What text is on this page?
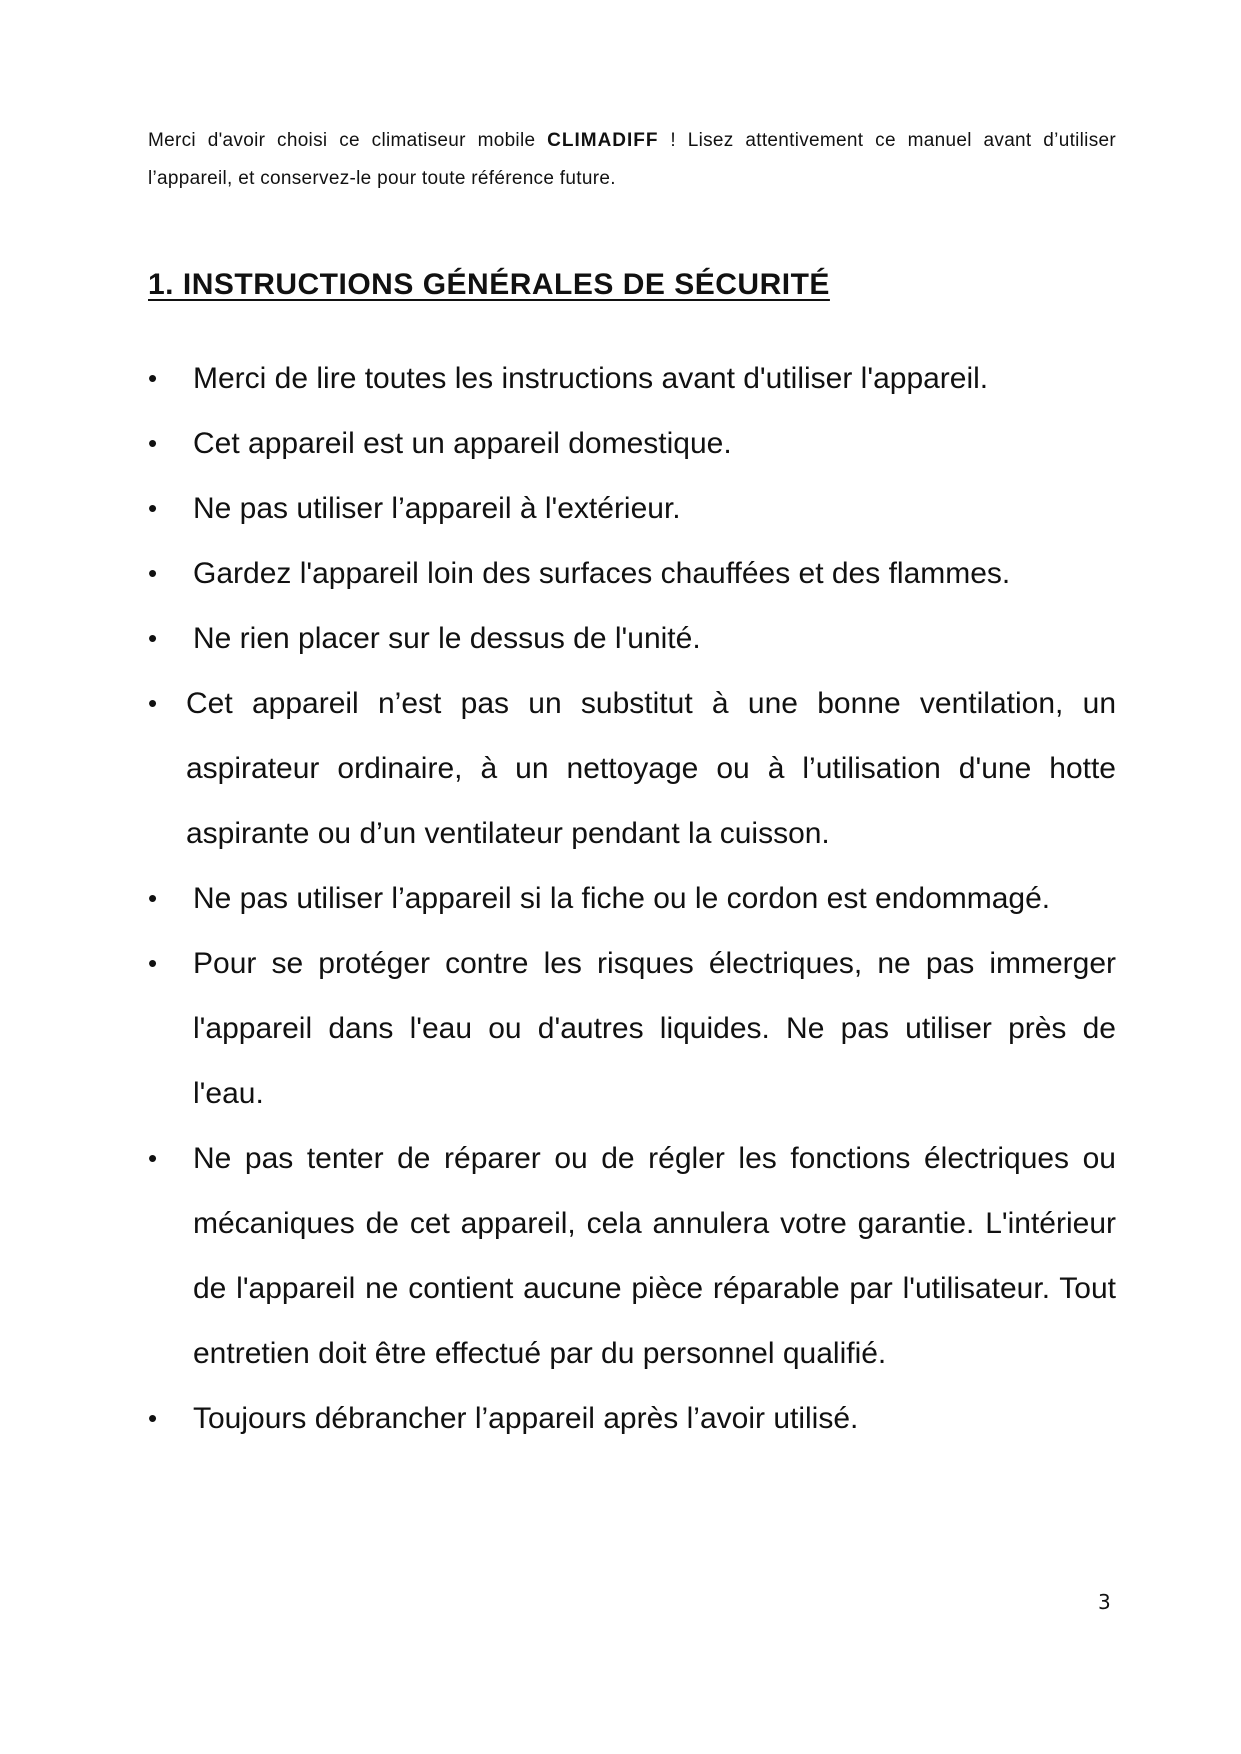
Merci d'avoir choisi ce climatiseur mobile CLIMADIFF ! Lisez attentivement ce manuel avant d’utiliser l’appareil, et conservez-le pour toute référence future.

1. INSTRUCTIONS GÉNÉRALES DE SÉCURITÉ
• Merci de lire toutes les instructions avant d'utiliser l'appareil.
• Cet appareil est un appareil domestique.
• Ne pas utiliser l’appareil à l'extérieur.
• Gardez l'appareil loin des surfaces chauffées et des flammes.
• Ne rien placer sur le dessus de l'unité.
• Cet appareil n’est pas un substitut à une bonne ventilation, un aspirateur ordinaire, à un nettoyage ou à l’utilisation d'une hotte aspirante ou d’un ventilateur pendant la cuisson.
• Ne pas utiliser l’appareil si la fiche ou le cordon est endommagé.
• Pour se protéger contre les risques électriques, ne pas immerger l'appareil dans l'eau ou d'autres liquides. Ne pas utiliser près de l'eau.
• Ne pas tenter de réparer ou de régler les fonctions électriques ou mécaniques de cet appareil, cela annulera votre garantie. L'intérieur de l'appareil ne contient aucune pièce réparable par l'utilisateur. Tout entretien doit être effectué par du personnel qualifié.
• Toujours débrancher l’appareil après l’avoir utilisé.
3
